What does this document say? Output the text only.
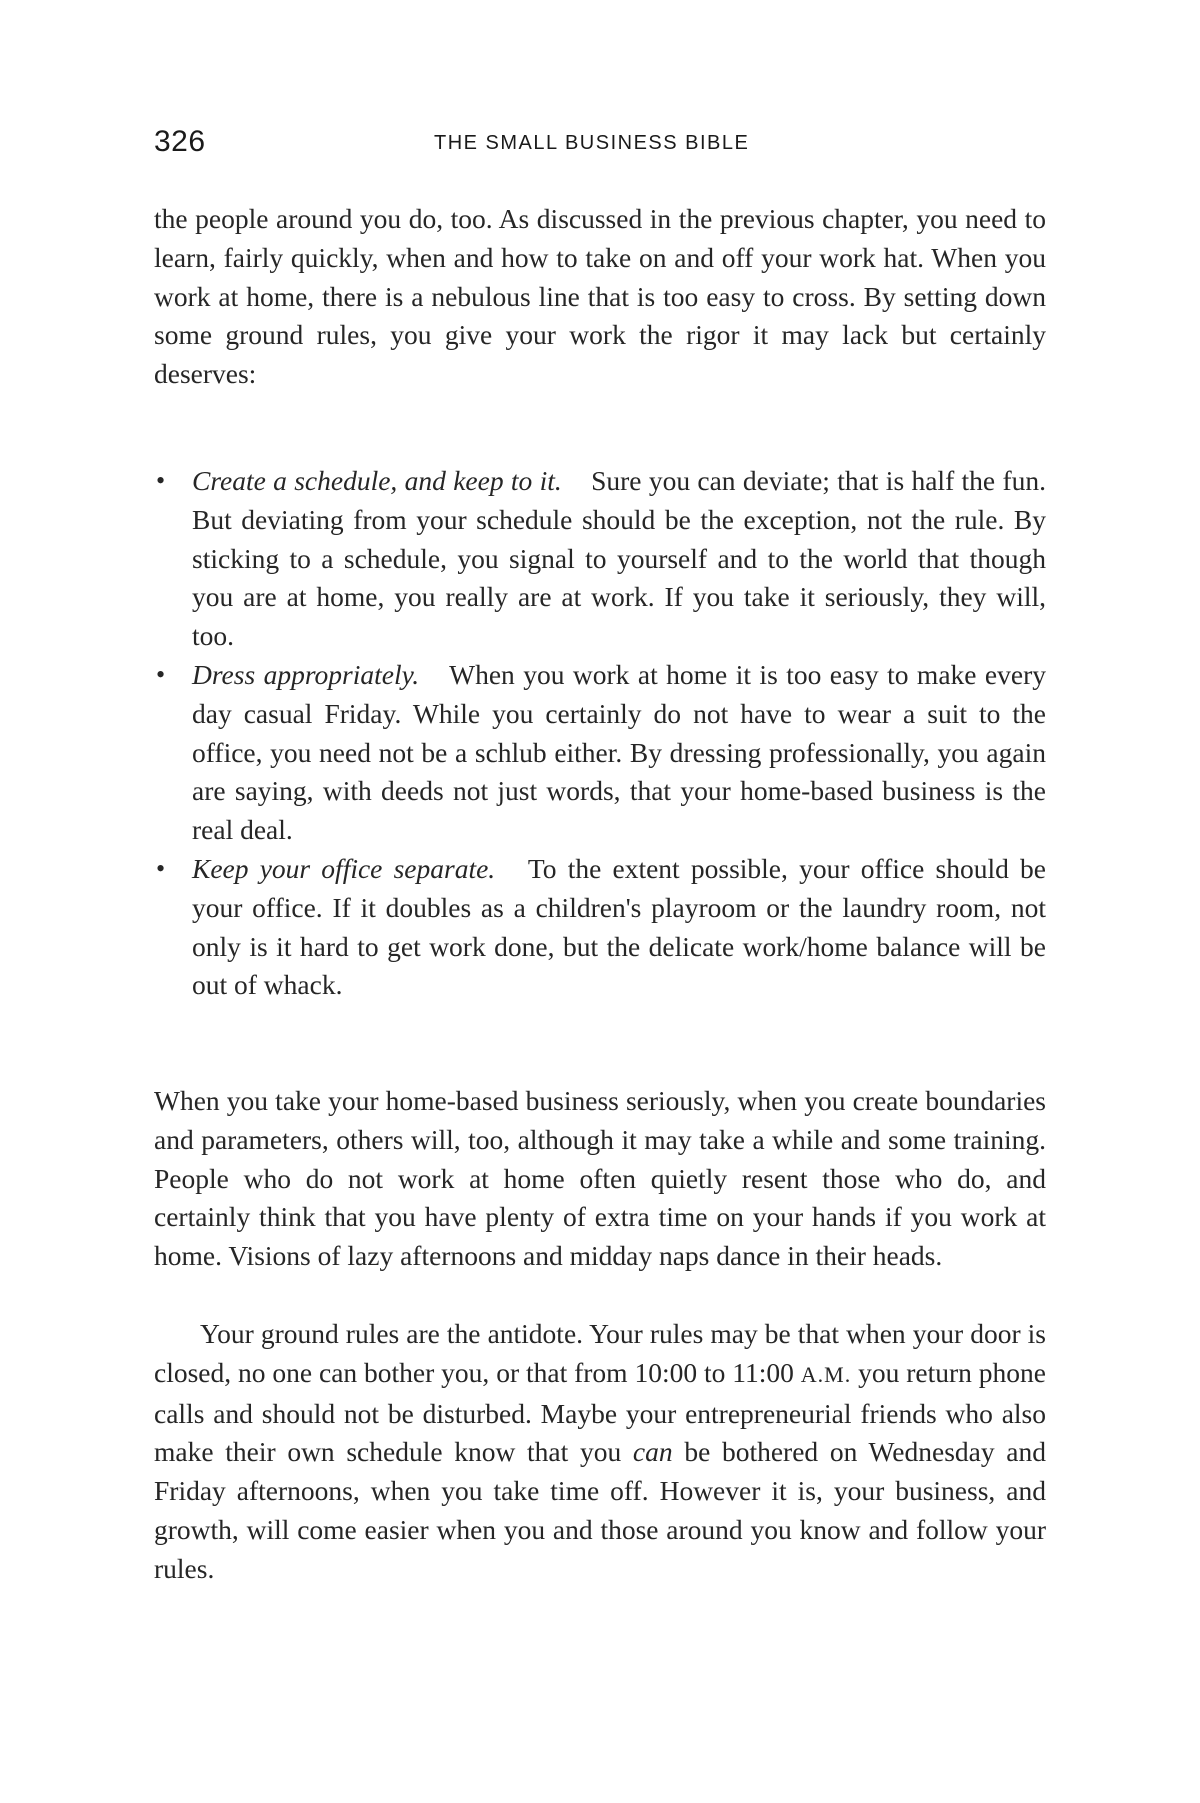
326	THE SMALL BUSINESS BIBLE

the people around you do, too. As discussed in the previous chapter, you need to learn, fairly quickly, when and how to take on and off your work hat. When you work at home, there is a nebulous line that is too easy to cross. By setting down some ground rules, you give your work the rigor it may lack but certainly deserves:

• Create a schedule, and keep to it. Sure you can deviate; that is half the fun. But deviating from your schedule should be the exception, not the rule. By sticking to a schedule, you signal to yourself and to the world that though you are at home, you really are at work. If you take it seriously, they will, too.
• Dress appropriately. When you work at home it is too easy to make every day casual Friday. While you certainly do not have to wear a suit to the office, you need not be a schlub either. By dressing professionally, you again are saying, with deeds not just words, that your home-based business is the real deal.
• Keep your office separate. To the extent possible, your office should be your office. If it doubles as a children's playroom or the laundry room, not only is it hard to get work done, but the delicate work/home balance will be out of whack.

When you take your home-based business seriously, when you create boundaries and parameters, others will, too, although it may take a while and some training. People who do not work at home often quietly resent those who do, and certainly think that you have plenty of extra time on your hands if you work at home. Visions of lazy afternoons and midday naps dance in their heads.

Your ground rules are the antidote. Your rules may be that when your door is closed, no one can bother you, or that from 10:00 to 11:00 A.M. you return phone calls and should not be disturbed. Maybe your entrepreneurial friends who also make their own schedule know that you can be bothered on Wednesday and Friday afternoons, when you take time off. However it is, your business, and growth, will come easier when you and those around you know and follow your rules.
